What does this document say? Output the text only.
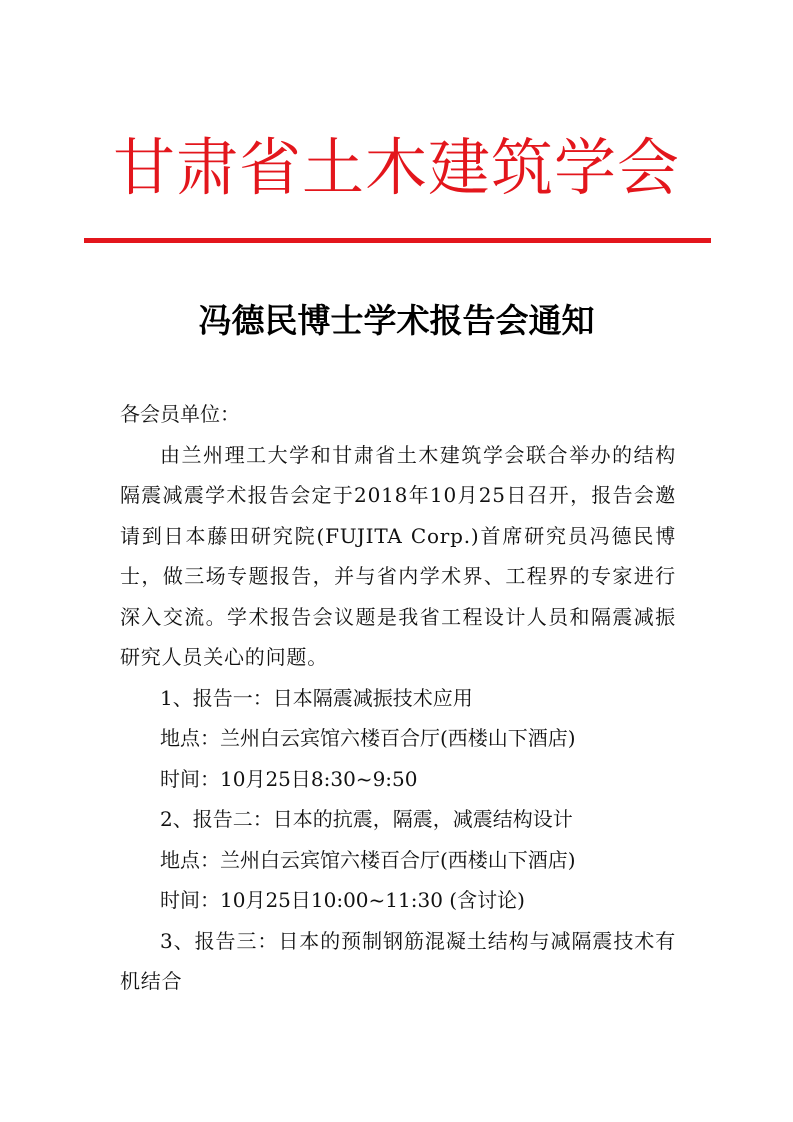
甘肃省土木建筑学会
冯德民博士学术报告会通知

各会员单位：

由兰州理工大学和甘肃省土木建筑学会联合举办的结构隔震减震学术报告会定于2018年10月25日召开，报告会邀请到日本藤田研究院(FUJITA Corp.)首席研究员冯德民博士，做三场专题报告，并与省内学术界、工程界的专家进行深入交流。学术报告会议题是我省工程设计人员和隔震减振研究人员关心的问题。

1、报告一：日本隔震减振技术应用

地点：兰州白云宾馆六楼百合厅(西楼山下酒店)

时间：10月25日8:30~9:50

2、报告二：日本的抗震，隔震，减震结构设计

地点：兰州白云宾馆六楼百合厅(西楼山下酒店)

时间：10月25日10:00~11:30 (含讨论)

3、报告三：日本的预制钢筋混凝土结构与减隔震技术有机结合
